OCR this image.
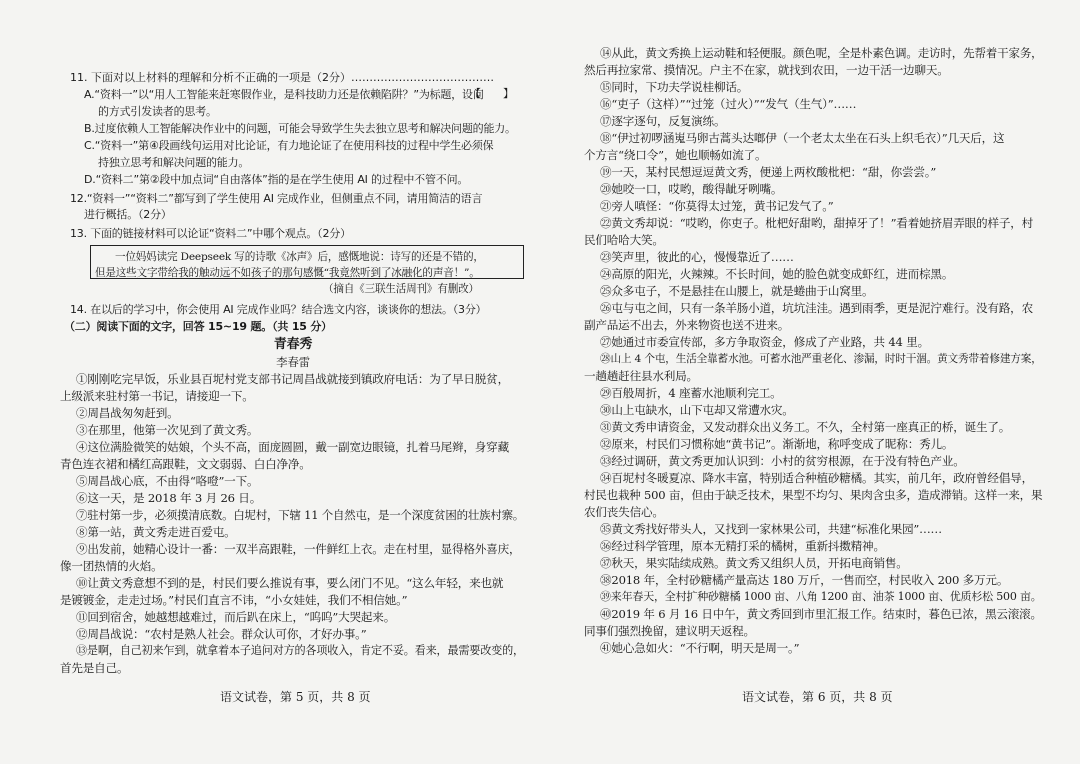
11. 下面对以上材料的理解和分析不正确的一项是（2分）…………………………………
【　　】
A.“资料一”以“用人工智能来赶寒假作业，是科技助力还是依赖陷阱？”为标题，设问
的方式引发读者的思考。
B.过度依赖人工智能解决作业中的问题，可能会导致学生失去独立思考和解决问题的能力。
C.“资料一”第④段画线句运用对比论证，有力地论证了在使用科技的过程中学生必须保
持独立思考和解决问题的能力。
D.“资料二”第②段中加点词“自由落体”指的是在学生使用 AI 的过程中不管不问。
12.“资料一”“资料二”都写到了学生使用 AI 完成作业，但侧重点不同，请用简洁的语言
进行概括。（2分）
13. 下面的链接材料可以论证“资料二”中哪个观点。（2分）
一位妈妈读完 Deepseek 写的诗歌《冰声》后，感慨地说：诗写的还是不错的，
但是这些文字带给我的触动远不如孩子的那句感慨“我竟然听到了冰融化的声音！”。
（摘自《三联生活周刊》有删改）
14. 在以后的学习中，你会使用 AI 完成作业吗？结合选文内容，谈谈你的想法。（3分）
（二）阅读下面的文字，回答 15~19 题。（共 15 分）
青春秀
李春雷
①刚刚吃完早饭，乐业县百坭村党支部书记周昌战就接到镇政府电话：为了早日脱贫，
上级派来驻村第一书记，请接迎一下。
②周昌战匆匆赶到。
③在那里，他第一次见到了黄文秀。
④这位满脸微笑的姑娘，个头不高，面庞圆圆，戴一副宽边眼镜，扎着马尾辫，身穿藏
青色连衣裙和橘红高跟鞋，文文弱弱、白白净净。
⑤周昌战心底，不由得“咯噔”一下。
⑥这一天，是 2018 年 3 月 26 日。
⑦驻村第一步，必须摸清底数。白坭村，下辖 11 个自然屯，是一个深度贫困的壮族村寨。
⑧第一站，黄文秀走进百爱屯。
⑨出发前，她精心设计一番：一双半高跟鞋，一件鲜红上衣。走在村里，显得格外喜庆，
像一团热情的火焰。
⑩让黄文秀意想不到的是，村民们要么推说有事，要么闭门不见。“这么年轻，来也就
是镀镀金，走走过场。”村民们直言不讳，“小女娃娃，我们不相信她。”
⑪回到宿舍，她越想越难过，而后趴在床上，“呜呜”大哭起来。
⑫周昌战说：“农村是熟人社会。群众认可你，才好办事。”
⑬是啊，自己初来乍到，就拿着本子追问对方的各项收入，肯定不妥。看来，最需要改变的，
首先是自己。
语文试卷，第 5 页，共 8 页
⑭从此，黄文秀换上运动鞋和轻便服。颜色呢，全是朴素色调。走访时，先帮着干家务，
然后再拉家常、摸情况。户主不在家，就找到农田，一边干活一边聊天。
⑮同时，下功夫学说桂柳话。
⑯“吏子（这样）”“过笼（过火）”“发气（生气）”……
⑰逐字逐句，反复演练。
⑱“伊过初啰涵嵬马卵古蒿头达啷伊（一个老太太坐在石头上织毛衣）”几天后，这
个方言“绕口令”，她也顺畅如流了。
⑲一天，某村民想逗逗黄文秀，便递上两枚酸枇杷：“甜，你尝尝。”
⑳她咬一口，哎哟，酸得龇牙咧嘴。
㉑旁人嗔怪：“你莫得太过笼，黄书记发气了。”
㉒黄文秀却说：“哎哟，你吏子。枇杷好甜哟，甜掉牙了！”看着她挤眉弄眼的样子，村
民们哈哈大笑。
㉓笑声里，彼此的心，慢慢靠近了……
㉔高原的阳光，火辣辣。不长时间，她的脸色就变成虾红，进而棕黑。
㉕众多屯子，不是悬挂在山腰上，就是蜷曲于山窝里。
㉖屯与屯之间，只有一条羊肠小道，坑坑洼洼。遇到雨季，更是泥泞难行。没有路，农
副产品运不出去，外来物资也送不进来。
㉗她通过市委宣传部，多方争取资金，修成了产业路，共 44 里。
㉘山上 4 个屯，生活全靠蓄水池。可蓄水池严重老化、渗漏，时时干涸。黄文秀带着修建方案，
一趟趟赶往县水利局。
㉙百般周折，4 座蓄水池顺利完工。
㉚山上屯缺水，山下屯却又常遭水灾。
㉛黄文秀申请资金，又发动群众出义务工。不久，全村第一座真正的桥，诞生了。
㉜原来，村民们习惯称她“黄书记”。渐渐地，称呼变成了昵称：秀儿。
㉝经过调研，黄文秀更加认识到：小村的贫穷根源，在于没有特色产业。
㉞百坭村冬暖夏凉、降水丰富，特别适合种植砂糖橘。其实，前几年，政府曾经倡导，
村民也栽种 500 亩，但由于缺乏技术，果型不均匀、果肉含虫多，造成滞销。这样一来，果
农们丧失信心。
㉟黄文秀找好带头人，又找到一家林果公司，共建“标准化果园”……
㊱经过科学管理，原本无精打采的橘树，重新抖擞精神。
㊲秋天，果实陆续成熟。黄文秀又组织人员，开拓电商销售。
㊳2018 年，全村砂糖橘产量高达 180 万斤，一售而空，村民收入 200 多万元。
㊴来年春天，全村扩种砂糖橘 1000 亩、八角 1200 亩、油茶 1000 亩、优质杉松 500 亩。
㊵2019 年 6 月 16 日中午，黄文秀回到市里汇报工作。结束时，暮色已浓，黑云滚滚。
同事们强烈挽留，建议明天返程。
㊶她心急如火：“不行啊，明天是周一。”
语文试卷，第 6 页，共 8 页
